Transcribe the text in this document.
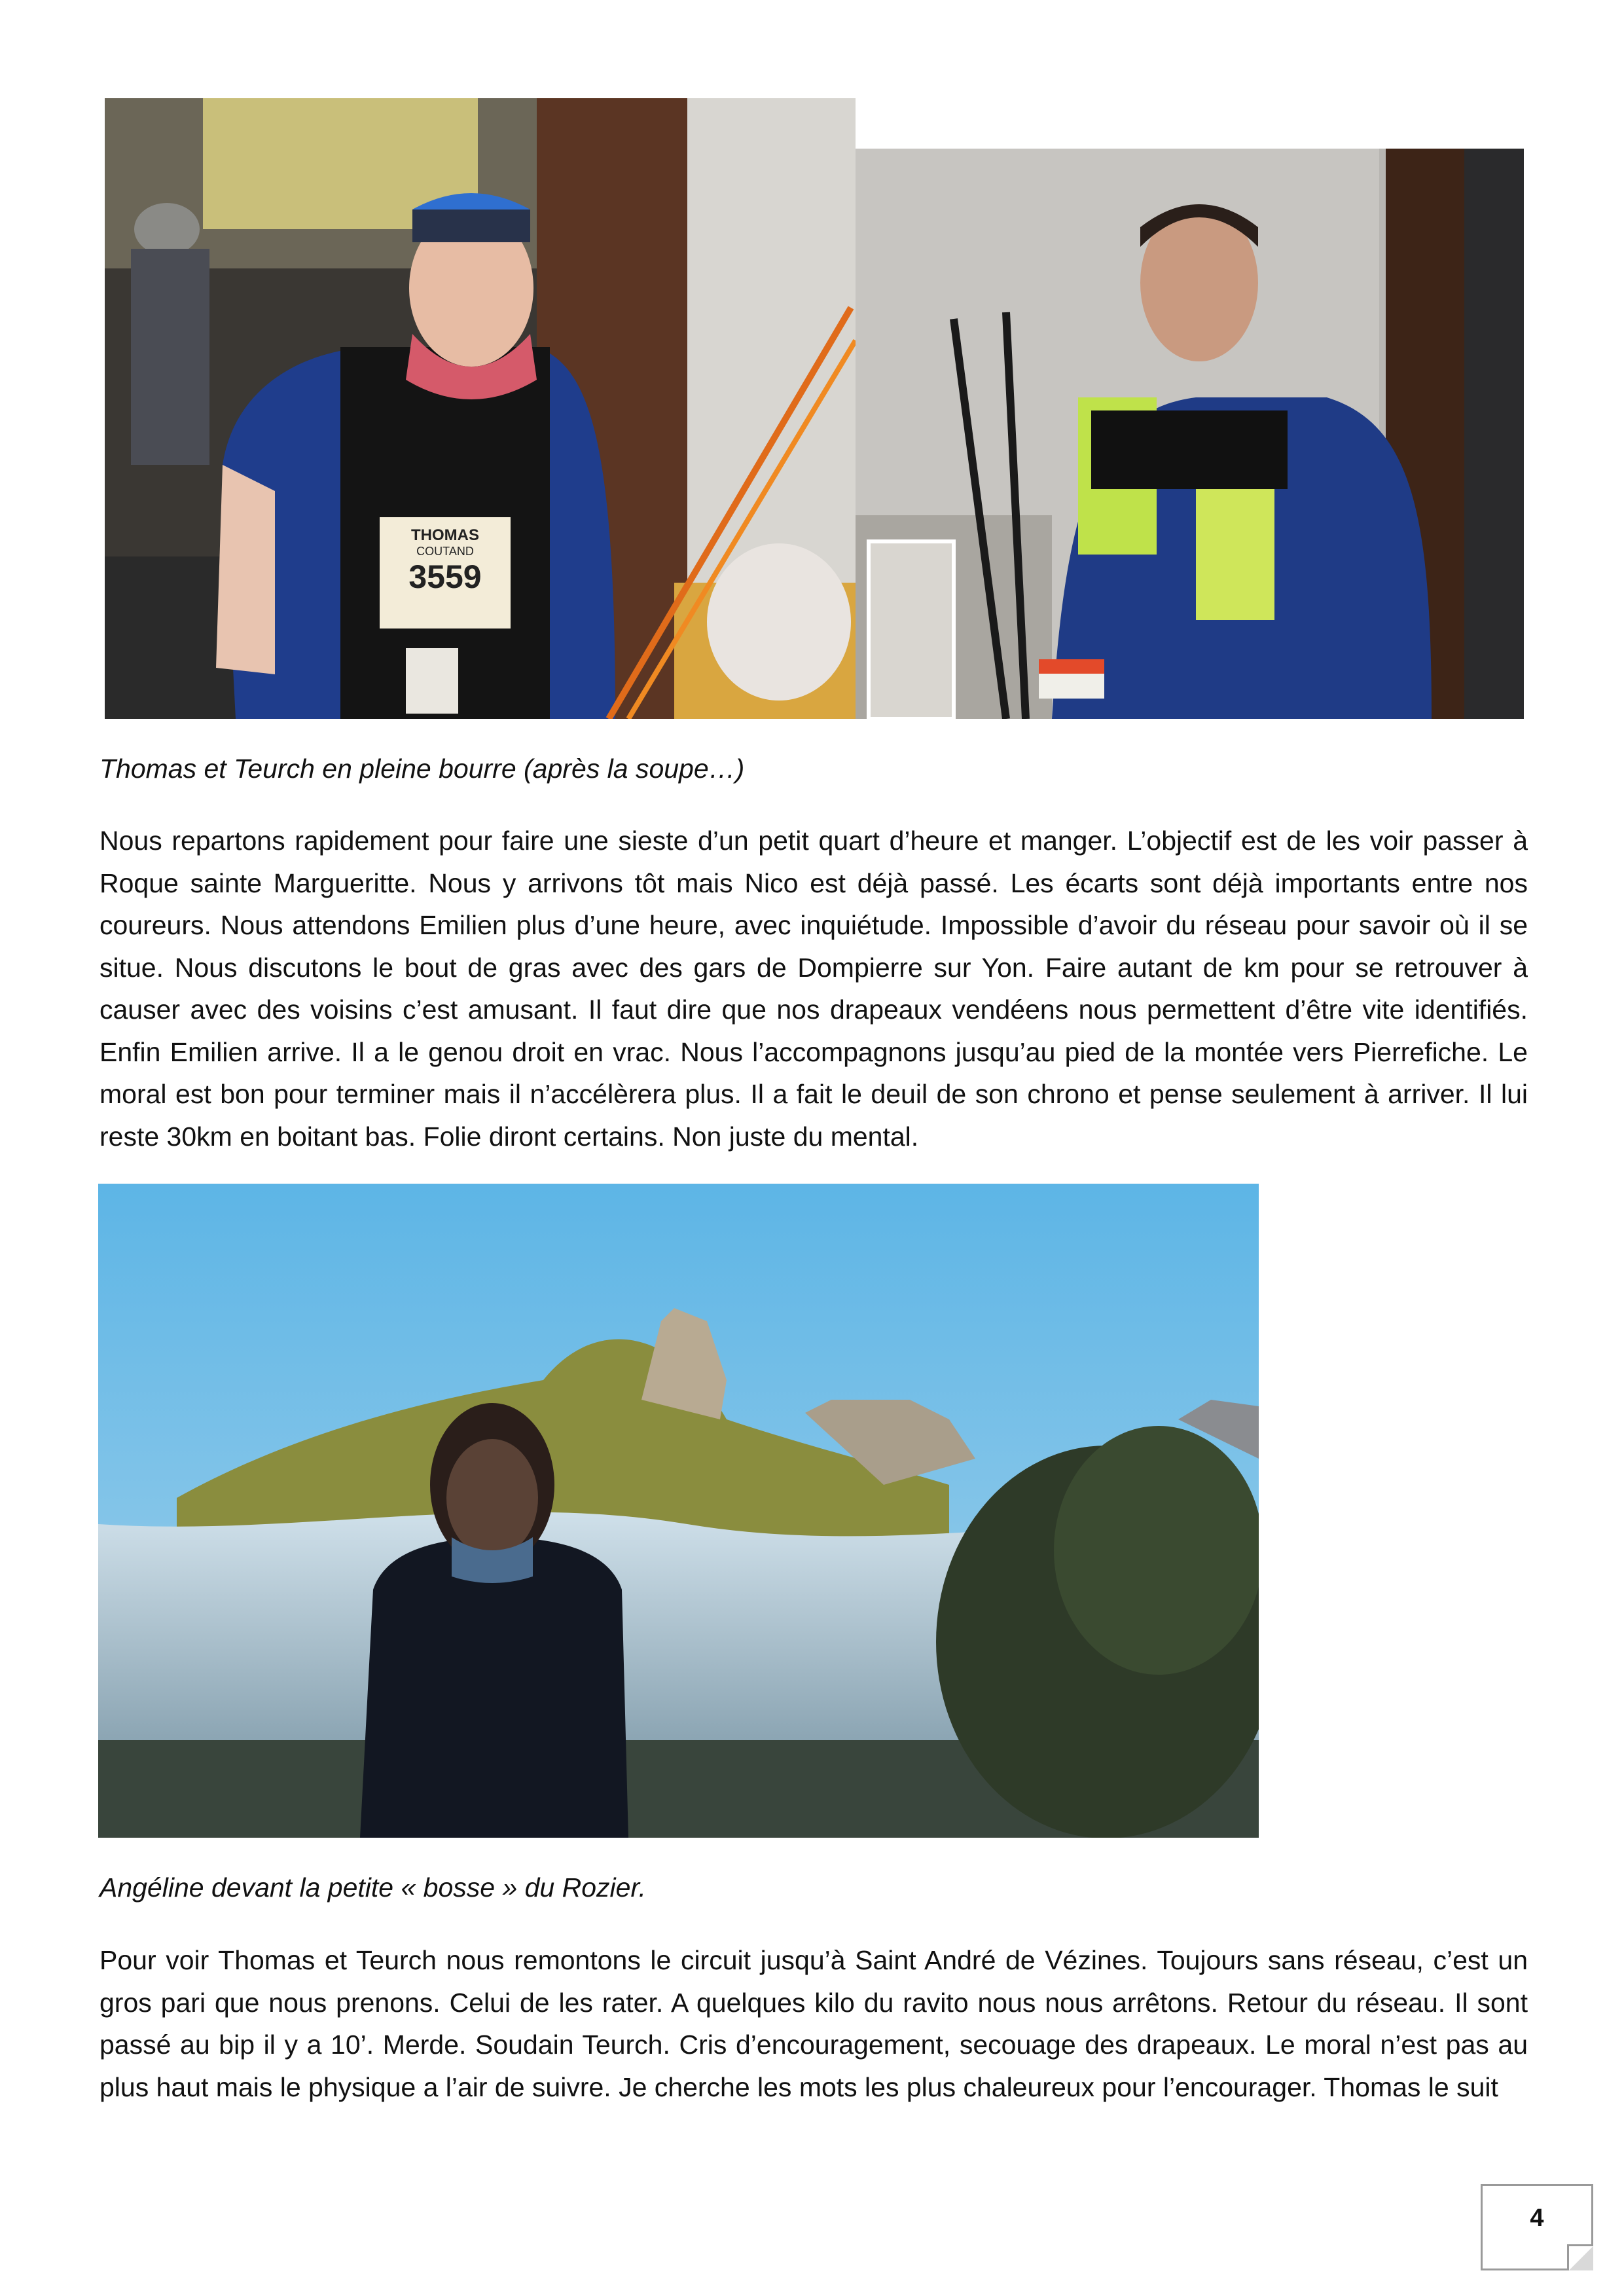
THOMAS
COUTAND
3559

Thomas et Teurch en pleine bourre (après la soupe…)

Nous repartons rapidement pour faire une sieste d’un petit quart d’heure et manger. L’objectif est de les voir passer à Roque sainte Margueritte. Nous y arrivons tôt mais Nico est déjà passé. Les écarts sont déjà importants entre nos coureurs. Nous attendons Emilien plus d’une heure, avec inquiétude. Impossible d’avoir du réseau pour savoir où il se situe. Nous discutons le bout de gras avec des gars de Dompierre sur Yon. Faire autant de km pour se retrouver à causer avec des voisins c’est amusant. Il faut dire que nos drapeaux vendéens nous permettent d’être vite identifiés. Enfin Emilien arrive. Il a le genou droit en vrac. Nous l’accompagnons jusqu’au pied de la montée vers Pierrefiche. Le moral est bon pour terminer mais il n’accélèrera plus. Il a fait le deuil de son chrono et pense seulement à arriver. Il lui reste 30km en boitant bas. Folie diront certains. Non juste du mental.

Angéline devant la petite « bosse » du Rozier.

Pour voir Thomas et Teurch nous remontons le circuit jusqu’à Saint André de Vézines. Toujours sans réseau, c’est un gros pari que nous prenons. Celui de les rater. A quelques kilo du ravito nous nous arrêtons. Retour du réseau. Il sont passé au bip il y a 10’. Merde. Soudain Teurch. Cris d’encouragement, secouage des drapeaux. Le moral n’est pas au plus haut mais le physique a l’air de suivre. Je cherche les mots les plus chaleureux pour l’encourager. Thomas le suit

4
